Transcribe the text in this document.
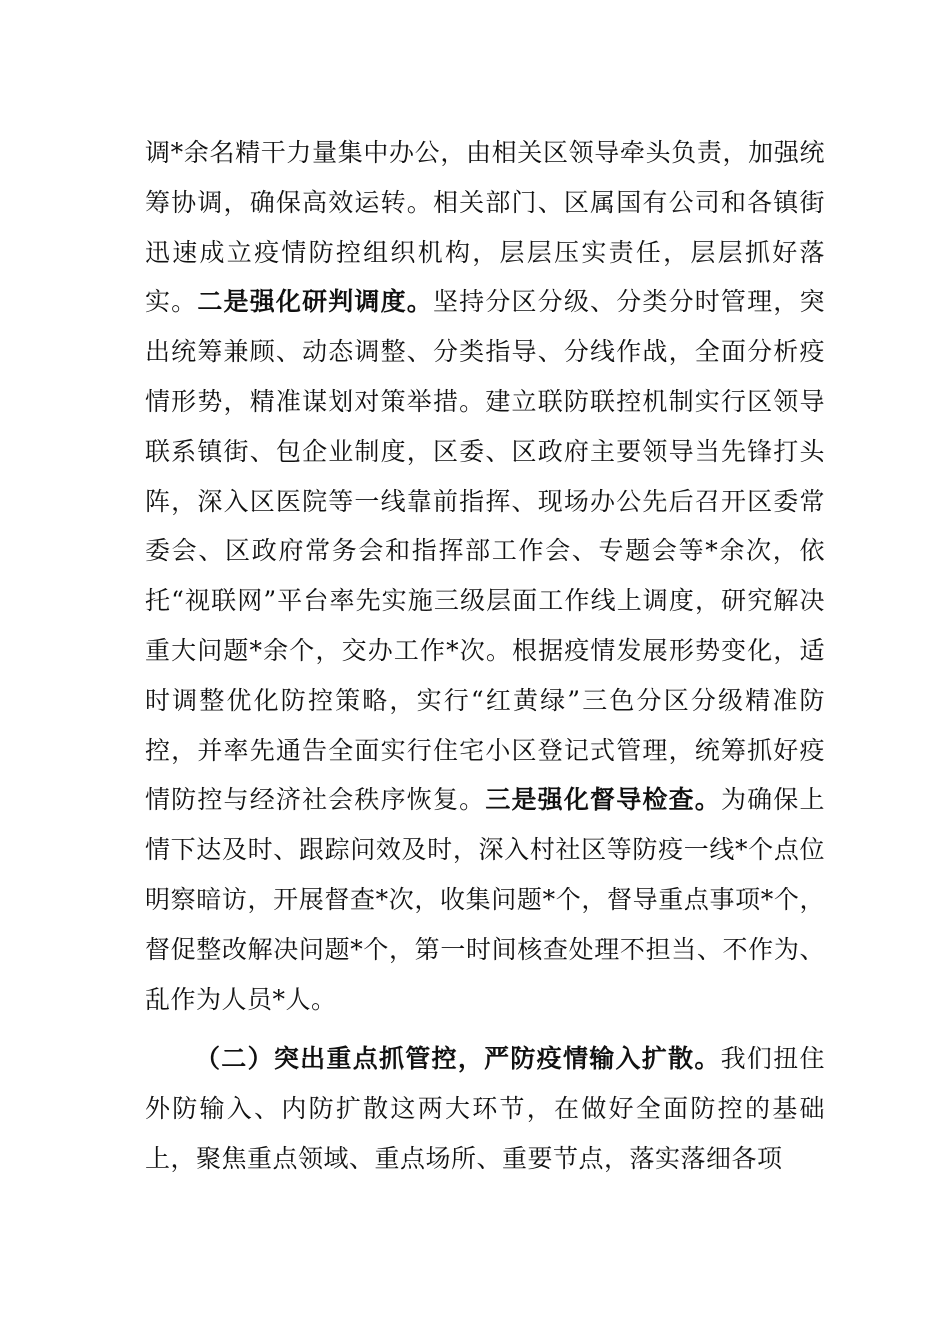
调*余名精干力量集中办公，由相关区领导牵头负责，加强统筹协调，确保高效运转。相关部门、区属国有公司和各镇街迅速成立疫情防控组织机构，层层压实责任，层层抓好落实。二是强化研判调度。坚持分区分级、分类分时管理，突出统筹兼顾、动态调整、分类指导、分线作战，全面分析疫情形势，精准谋划对策举措。建立联防联控机制实行区领导联系镇街、包企业制度，区委、区政府主要领导当先锋打头阵，深入区医院等一线靠前指挥、现场办公先后召开区委常委会、区政府常务会和指挥部工作会、专题会等*余次，依托“视联网”平台率先实施三级层面工作线上调度，研究解决重大问题*余个，交办工作*次。根据疫情发展形势变化，适时调整优化防控策略，实行“红黄绿”三色分区分级精准防控，并率先通告全面实行住宅小区登记式管理，统筹抓好疫情防控与经济社会秩序恢复。三是强化督导检查。为确保上情下达及时、跟踪问效及时，深入村社区等防疫一线*个点位明察暗访，开展督查*次，收集问题*个，督导重点事项*个，督促整改解决问题*个，第一时间核查处理不担当、不作为、乱作为人员*人。

（二）突出重点抓管控，严防疫情输入扩散。我们扭住外防输入、内防扩散这两大环节，在做好全面防控的基础上，聚焦重点领域、重点场所、重要节点，落实落细各项
